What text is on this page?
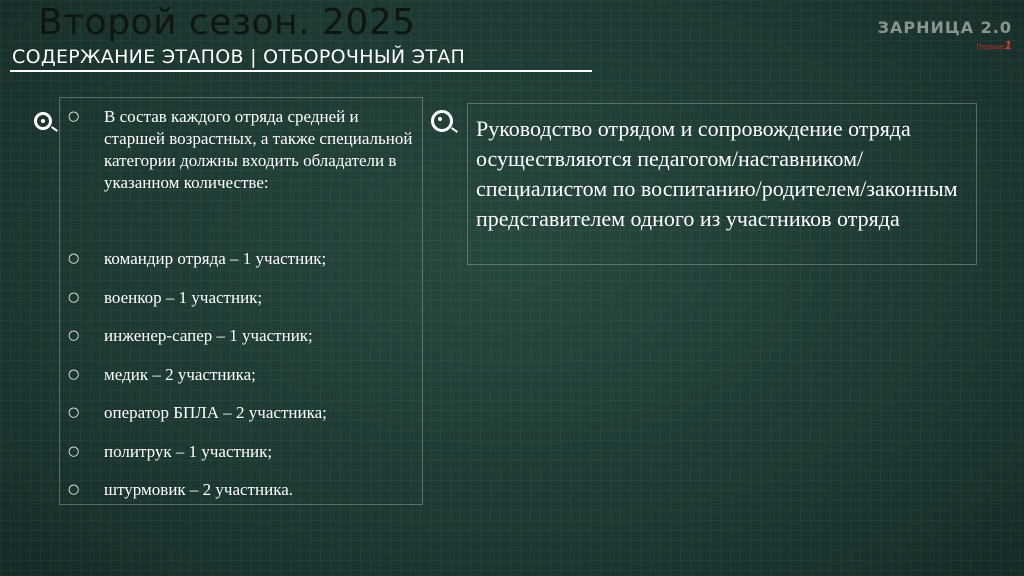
Второй сезон. 2025
СОДЕРЖАНИЕ ЭТАПОВ | ОТБОРОЧНЫЙ ЭТАП
ЗАРНИЦА 2.0
Первые1
○ В состав каждого отряда средней и старшей возрастных, а также специальной категории должны входить обладатели в указанном количестве:
○ командир отряда – 1 участник;
○ военкор – 1 участник;
○ инженер-сапер – 1 участник;
○ медик – 2 участника;
○ оператор БПЛА – 2 участника;
○ политрук – 1 участник;
○ штурмовик – 2 участника.
Руководство отрядом и сопровождение отряда осуществляются педагогом/наставником/специалистом по воспитанию/родителем/законным представителем одного из участников отряда
